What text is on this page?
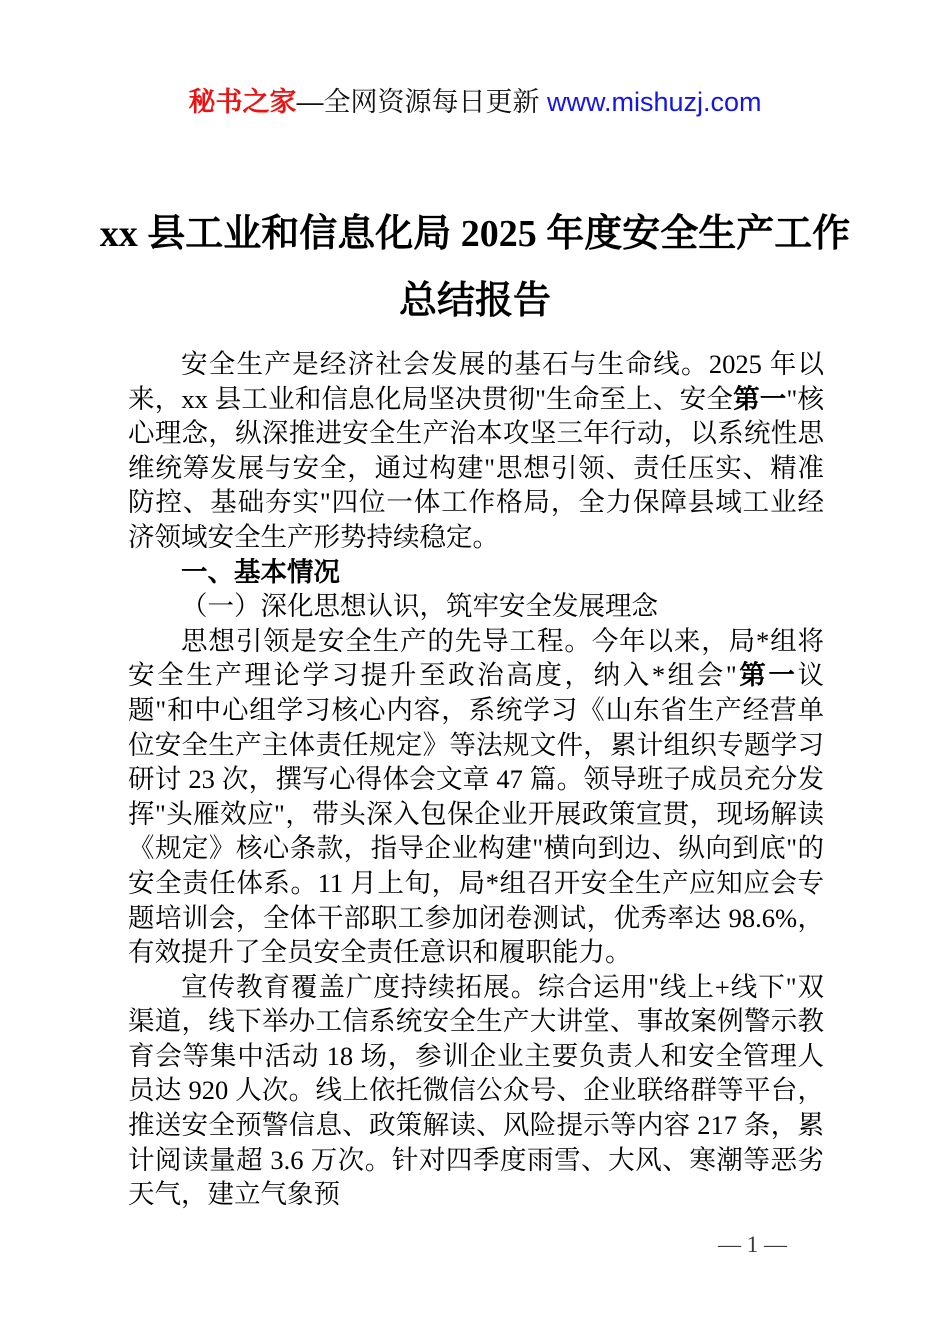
秘书之家—全网资源每日更新 www.mishuzj.com
xx 县工业和信息化局 2025 年度安全生产工作
总结报告

安全生产是经济社会发展的基石与生命线。2025 年以来，xx 县工业和信息化局坚决贯彻"生命至上、安全第一"核心理念，纵深推进安全生产治本攻坚三年行动，以系统性思维统筹发展与安全，通过构建"思想引领、责任压实、精准防控、基础夯实"四位一体工作格局，全力保障县域工业经济领域安全生产形势持续稳定。

一、基本情况
（一）深化思想认识，筑牢安全发展理念

思想引领是安全生产的先导工程。今年以来，局*组将安全生产理论学习提升至政治高度，纳入*组会"第一议题"和中心组学习核心内容，系统学习《山东省生产经营单位安全生产主体责任规定》等法规文件，累计组织专题学习研讨 23 次，撰写心得体会文章 47 篇。领导班子成员充分发挥"头雁效应"，带头深入包保企业开展政策宣贯，现场解读《规定》核心条款，指导企业构建"横向到边、纵向到底"的安全责任体系。11 月上旬，局*组召开安全生产应知应会专题培训会，全体干部职工参加闭卷测试，优秀率达 98.6%，有效提升了全员安全责任意识和履职能力。

宣传教育覆盖广度持续拓展。综合运用"线上+线下"双渠道，线下举办工信系统安全生产大讲堂、事故案例警示教育会等集中活动 18 场，参训企业主要负责人和安全管理人员达 920 人次。线上依托微信公众号、企业联络群等平台，推送安全预警信息、政策解读、风险提示等内容 217 条，累计阅读量超 3.6 万次。针对四季度雨雪、大风、寒潮等恶劣天气，建立气象预

— 1 —
